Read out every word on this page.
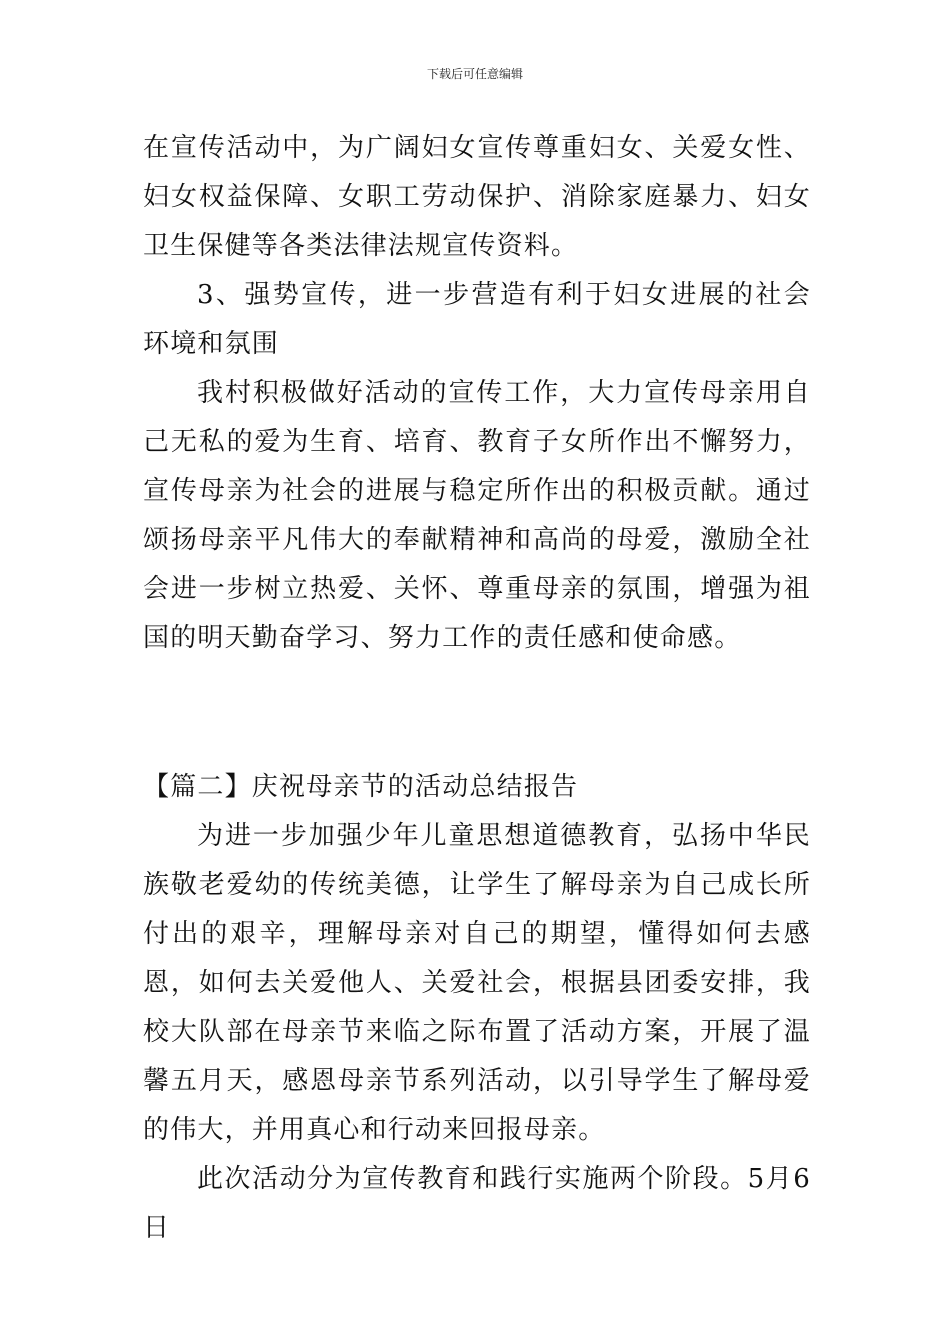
下载后可任意编辑

在宣传活动中，为广阔妇女宣传尊重妇女、关爱女性、妇女权益保障、女职工劳动保护、消除家庭暴力、妇女卫生保健等各类法律法规宣传资料。

3、强势宣传，进一步营造有利于妇女进展的社会环境和氛围

我村积极做好活动的宣传工作，大力宣传母亲用自己无私的爱为生育、培育、教育子女所作出不懈努力，宣传母亲为社会的进展与稳定所作出的积极贡献。通过颂扬母亲平凡伟大的奉献精神和高尚的母爱，激励全社会进一步树立热爱、关怀、尊重母亲的氛围，增强为祖国的明天勤奋学习、努力工作的责任感和使命感。

【篇二】庆祝母亲节的活动总结报告

为进一步加强少年儿童思想道德教育，弘扬中华民族敬老爱幼的传统美德，让学生了解母亲为自己成长所付出的艰辛，理解母亲对自己的期望，懂得如何去感恩，如何去关爱他人、关爱社会，根据县团委安排，我校大队部在母亲节来临之际布置了活动方案，开展了温馨五月天，感恩母亲节系列活动，以引导学生了解母爱的伟大，并用真心和行动来回报母亲。

此次活动分为宣传教育和践行实施两个阶段。5月6日
